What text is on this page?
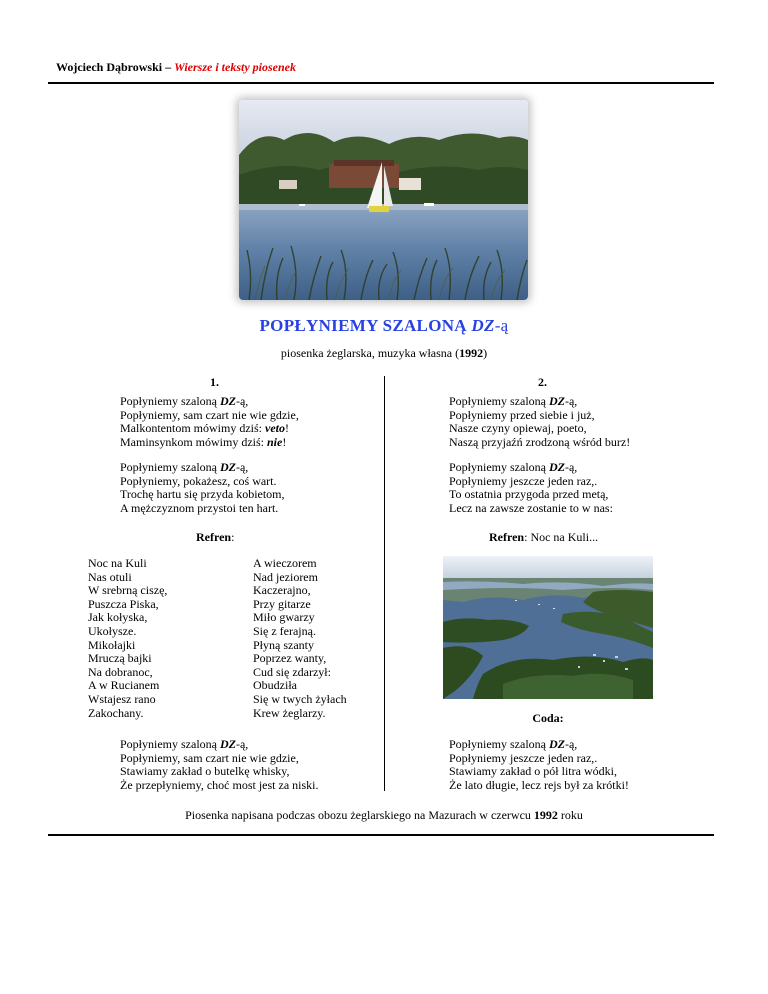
Wojciech Dąbrowski – Wiersze i teksty piosenek
POPŁYNIEMY SZALONĄ DZ-ą
piosenka żeglarska, muzyka własna (1992)
1.	2.
Popłyniemy szaloną DZ-ą,
Popłyniemy, sam czart nie wie gdzie,
Malkontentom mówimy dziś: veto!
Maminsynkom mówimy dziś: nie!
Popłyniemy szaloną DZ-ą,
Popłyniemy, pokażesz, coś wart.
Trochę hartu się przyda kobietom,
A mężczyznom przystoi ten hart.
Popłyniemy szaloną DZ-ą,
Popłyniemy przed siebie i już,
Nasze czyny opiewaj, poeto,
Naszą przyjaźń zrodzoną wśród burz!
Popłyniemy szaloną DZ-ą,
Popłyniemy jeszcze jeden raz,.
To ostatnia przygoda przed metą,
Lecz na zawsze zostanie to w nas:
Refren:	Refren: Noc na Kuli...
Noc na Kuli
Nas otuli
W srebrną ciszę,
Puszcza Piska,
Jak kołyska,
Ukołysze.
Mikołajki
Mruczą bajki
Na dobranoc,
A w Rucianem
Wstajesz rano
Zakochany.
A wieczorem
Nad jeziorem
Kaczerajno,
Przy gitarze
Miło gwarzy
Się z ferajną.
Płyną szanty
Poprzez wanty,
Cud się zdarzył:
Obudziła
Się w twych żyłach
Krew żeglarzy.	Coda:
Popłyniemy szaloną DZ-ą,
Popłyniemy, sam czart nie wie gdzie,
Stawiamy zakład o butelkę whisky,
Że przepłyniemy, choć most jest za niski.
Popłyniemy szaloną DZ-ą,
Popłyniemy jeszcze jeden raz,.
Stawiamy zakład o pół litra wódki,
Że lato długie, lecz rejs był za krótki!
Piosenka napisana podczas obozu żeglarskiego na Mazurach w czerwcu 1992 roku
